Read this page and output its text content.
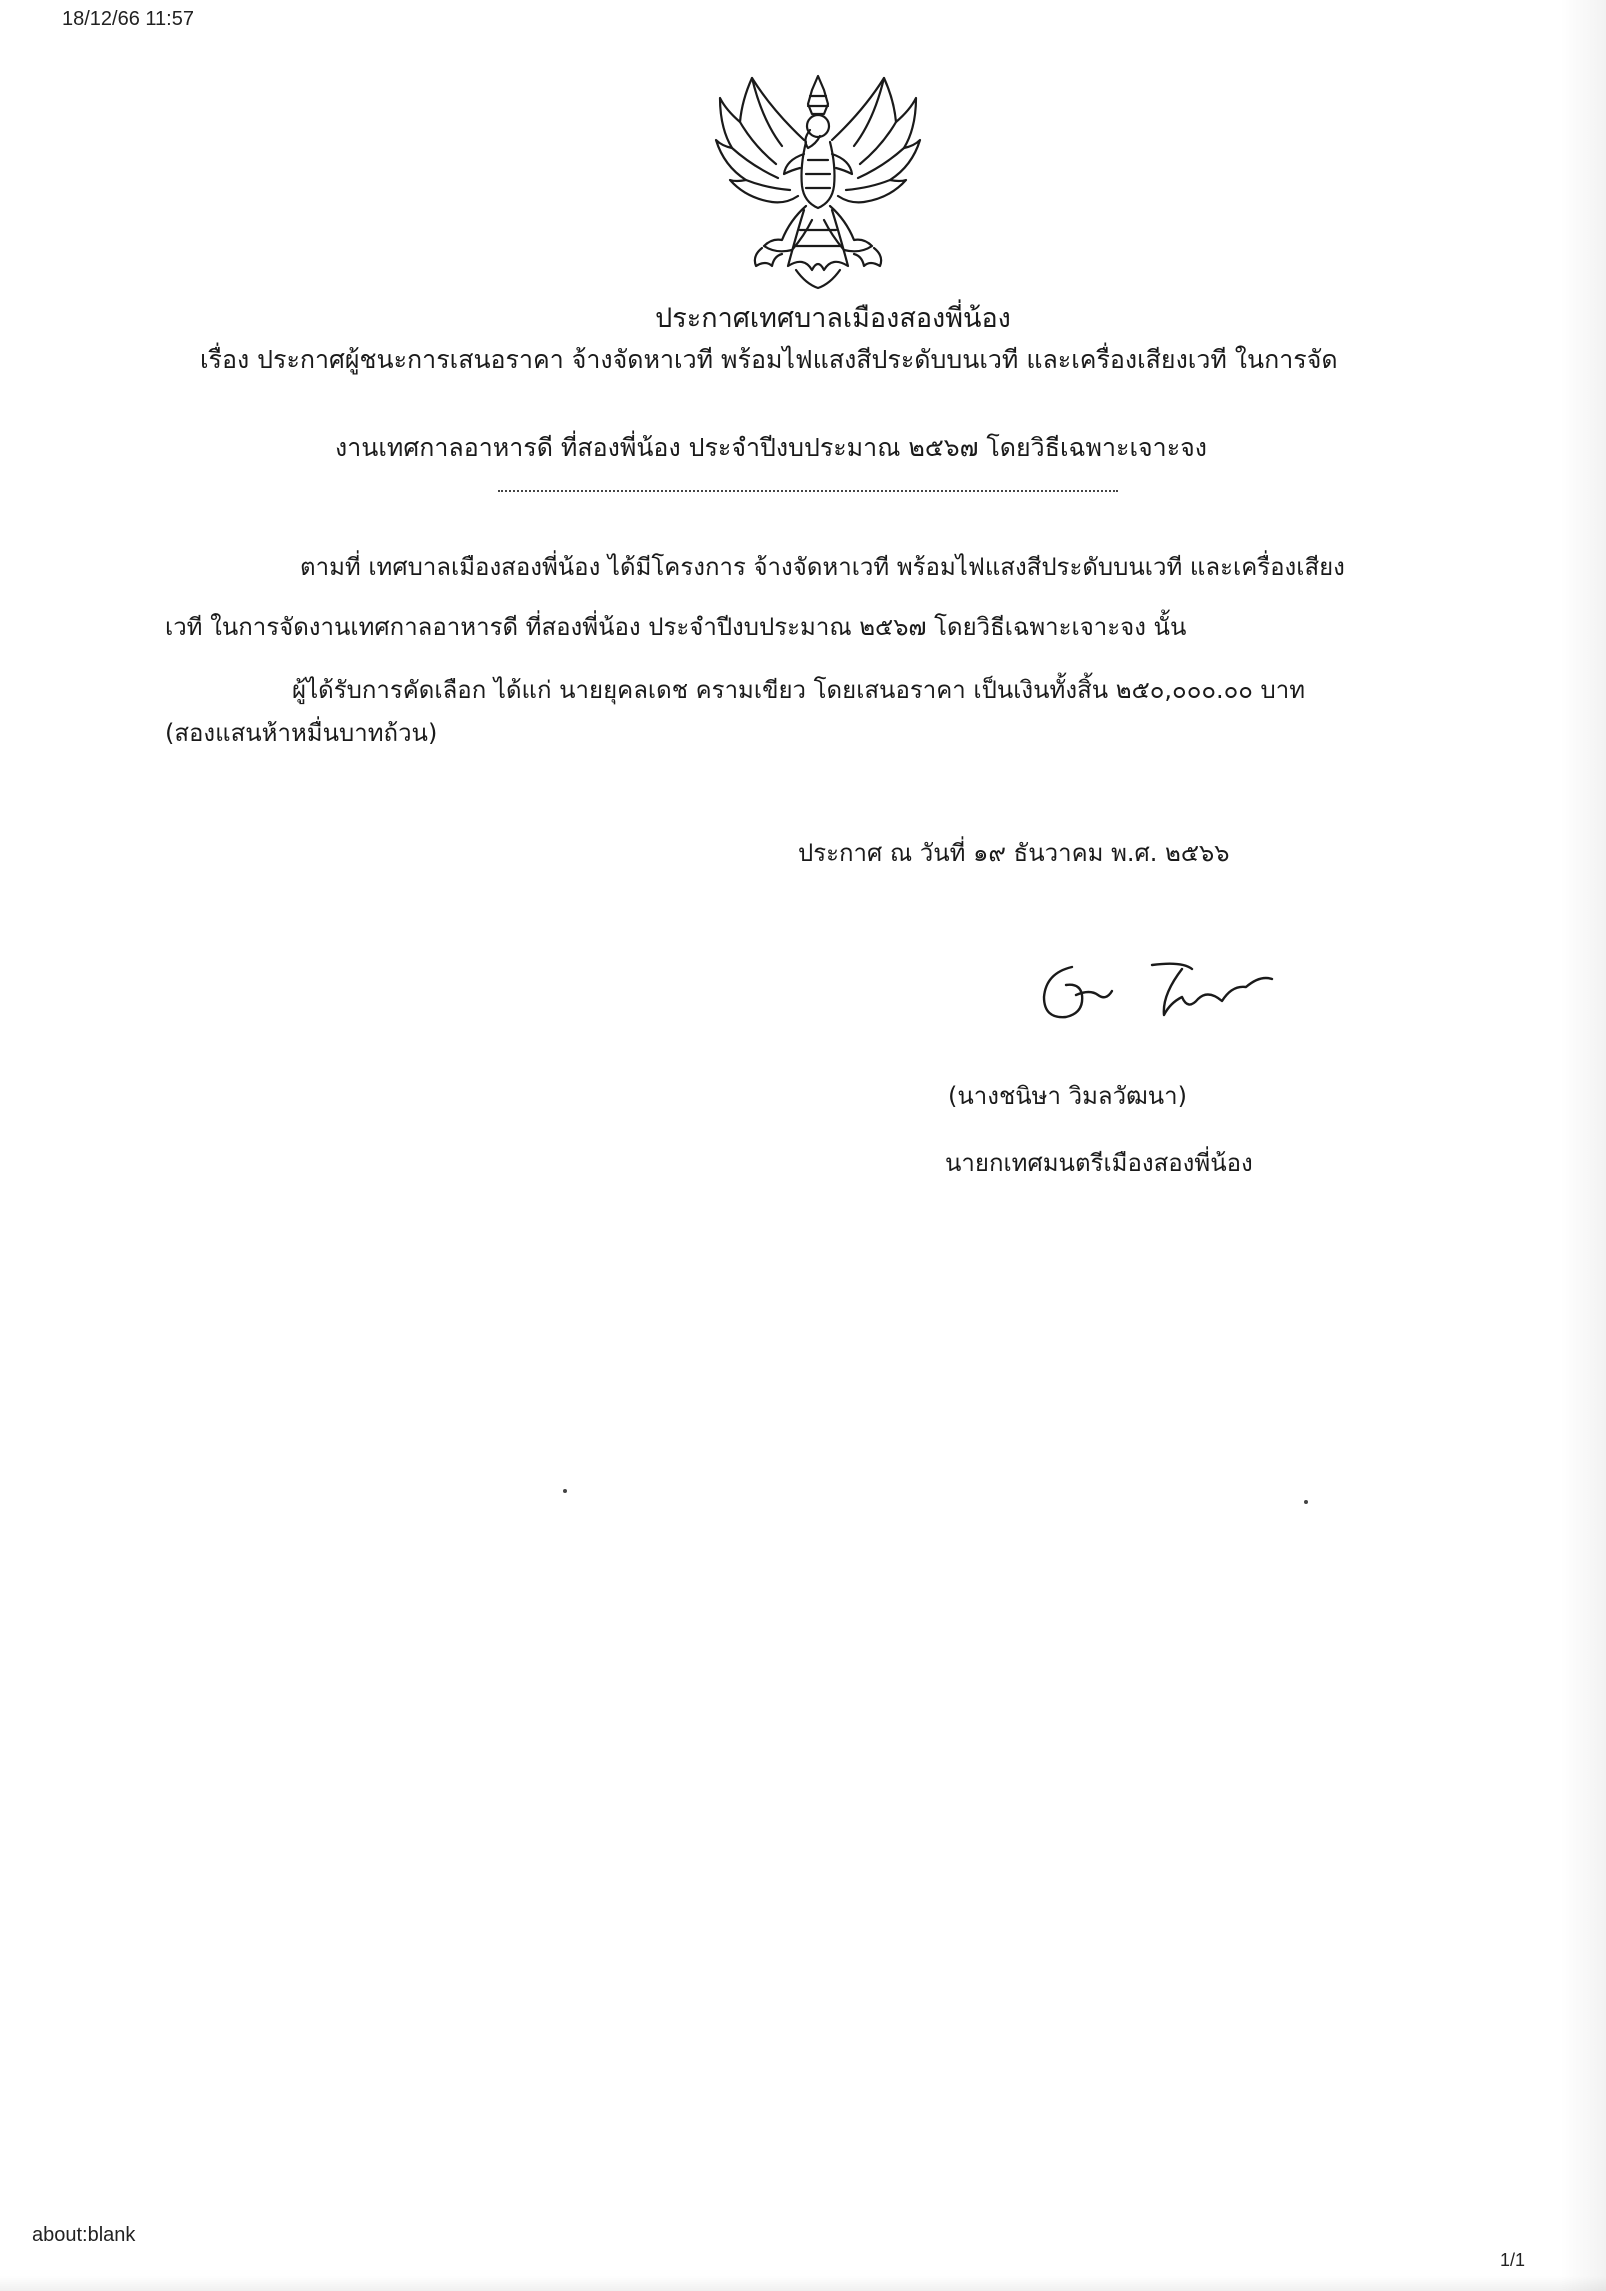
18/12/66 11:57
ประกาศเทศบาลเมืองสองพี่น้อง
เรื่อง ประกาศผู้ชนะการเสนอราคา จ้างจัดหาเวที พร้อมไฟแสงสีประดับบนเวที และเครื่องเสียงเวที ในการจัด
งานเทศกาลอาหารดี ที่สองพี่น้อง ประจำปีงบประมาณ ๒๕๖๗ โดยวิธีเฉพาะเจาะจง
ตามที่ เทศบาลเมืองสองพี่น้อง ได้มีโครงการ จ้างจัดหาเวที พร้อมไฟแสงสีประดับบนเวที และเครื่องเสียง
เวที ในการจัดงานเทศกาลอาหารดี ที่สองพี่น้อง ประจำปีงบประมาณ ๒๕๖๗ โดยวิธีเฉพาะเจาะจง นั้น
ผู้ได้รับการคัดเลือก ได้แก่ นายยุคลเดช ครามเขียว โดยเสนอราคา เป็นเงินทั้งสิ้น ๒๕๐,๐๐๐.๐๐ บาท
(สองแสนห้าหมื่นบาทถ้วน)
ประกาศ ณ วันที่ ๑๙ ธันวาคม พ.ศ. ๒๕๖๖
(นางชนิษา วิมลวัฒนา)
นายกเทศมนตรีเมืองสองพี่น้อง
about:blank
1/1
